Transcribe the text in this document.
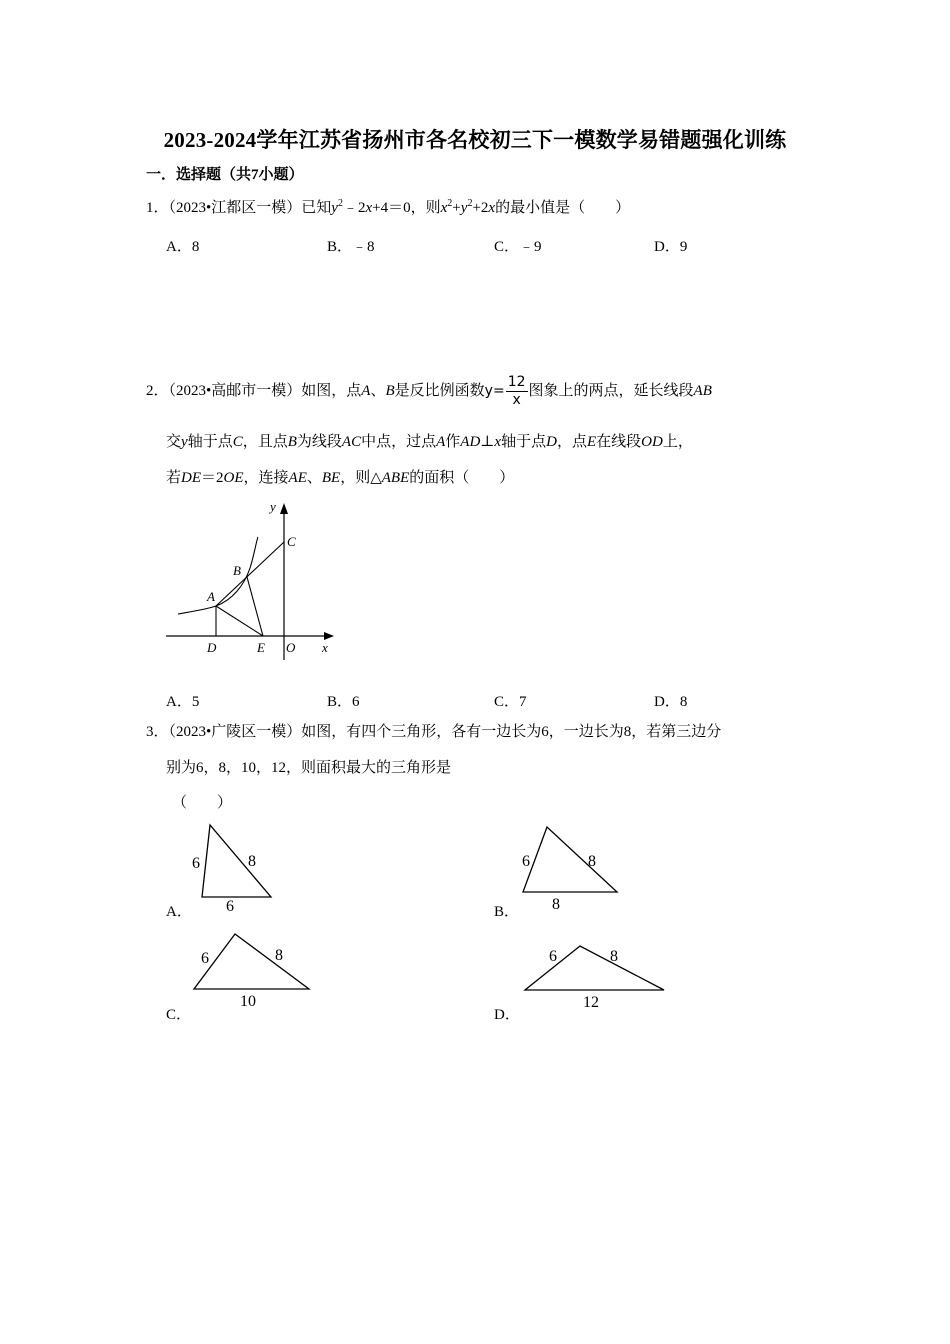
2023-2024学年江苏省扬州市各名校初三下一模数学易错题强化训练
一．选择题（共7小题）
1．（2023•江都区一模）已知$y^2﹣2x+4=0$，则$x^2+y^2+2x$的最小值是（　　）
A．8	B．﹣8	C．﹣9	D．9
2．（2023•高邮市一模）如图，点A、B是反比例函数$y= \frac{12}{x}$ 图象上的两点，延长线段AB
交y轴于点C，且点B为线段AC中点，过点A作AD⊥x轴于点D，点E在线段OD上，
若DE＝2OE，连接AE、BE，则△ABE的面积（　　）
y
C
B
A
D	E O x
A．5	B．6	C．7	D．8
3．（2023•广陵区一模）如图，有四个三角形，各有一边长为6，一边长为8，若第三边分
别为6，8，10，12，则面积最大的三角形是
（　　）
6	8
6
A．
6	8
8
B．
6	8
10
C．
6	8
12
D．
